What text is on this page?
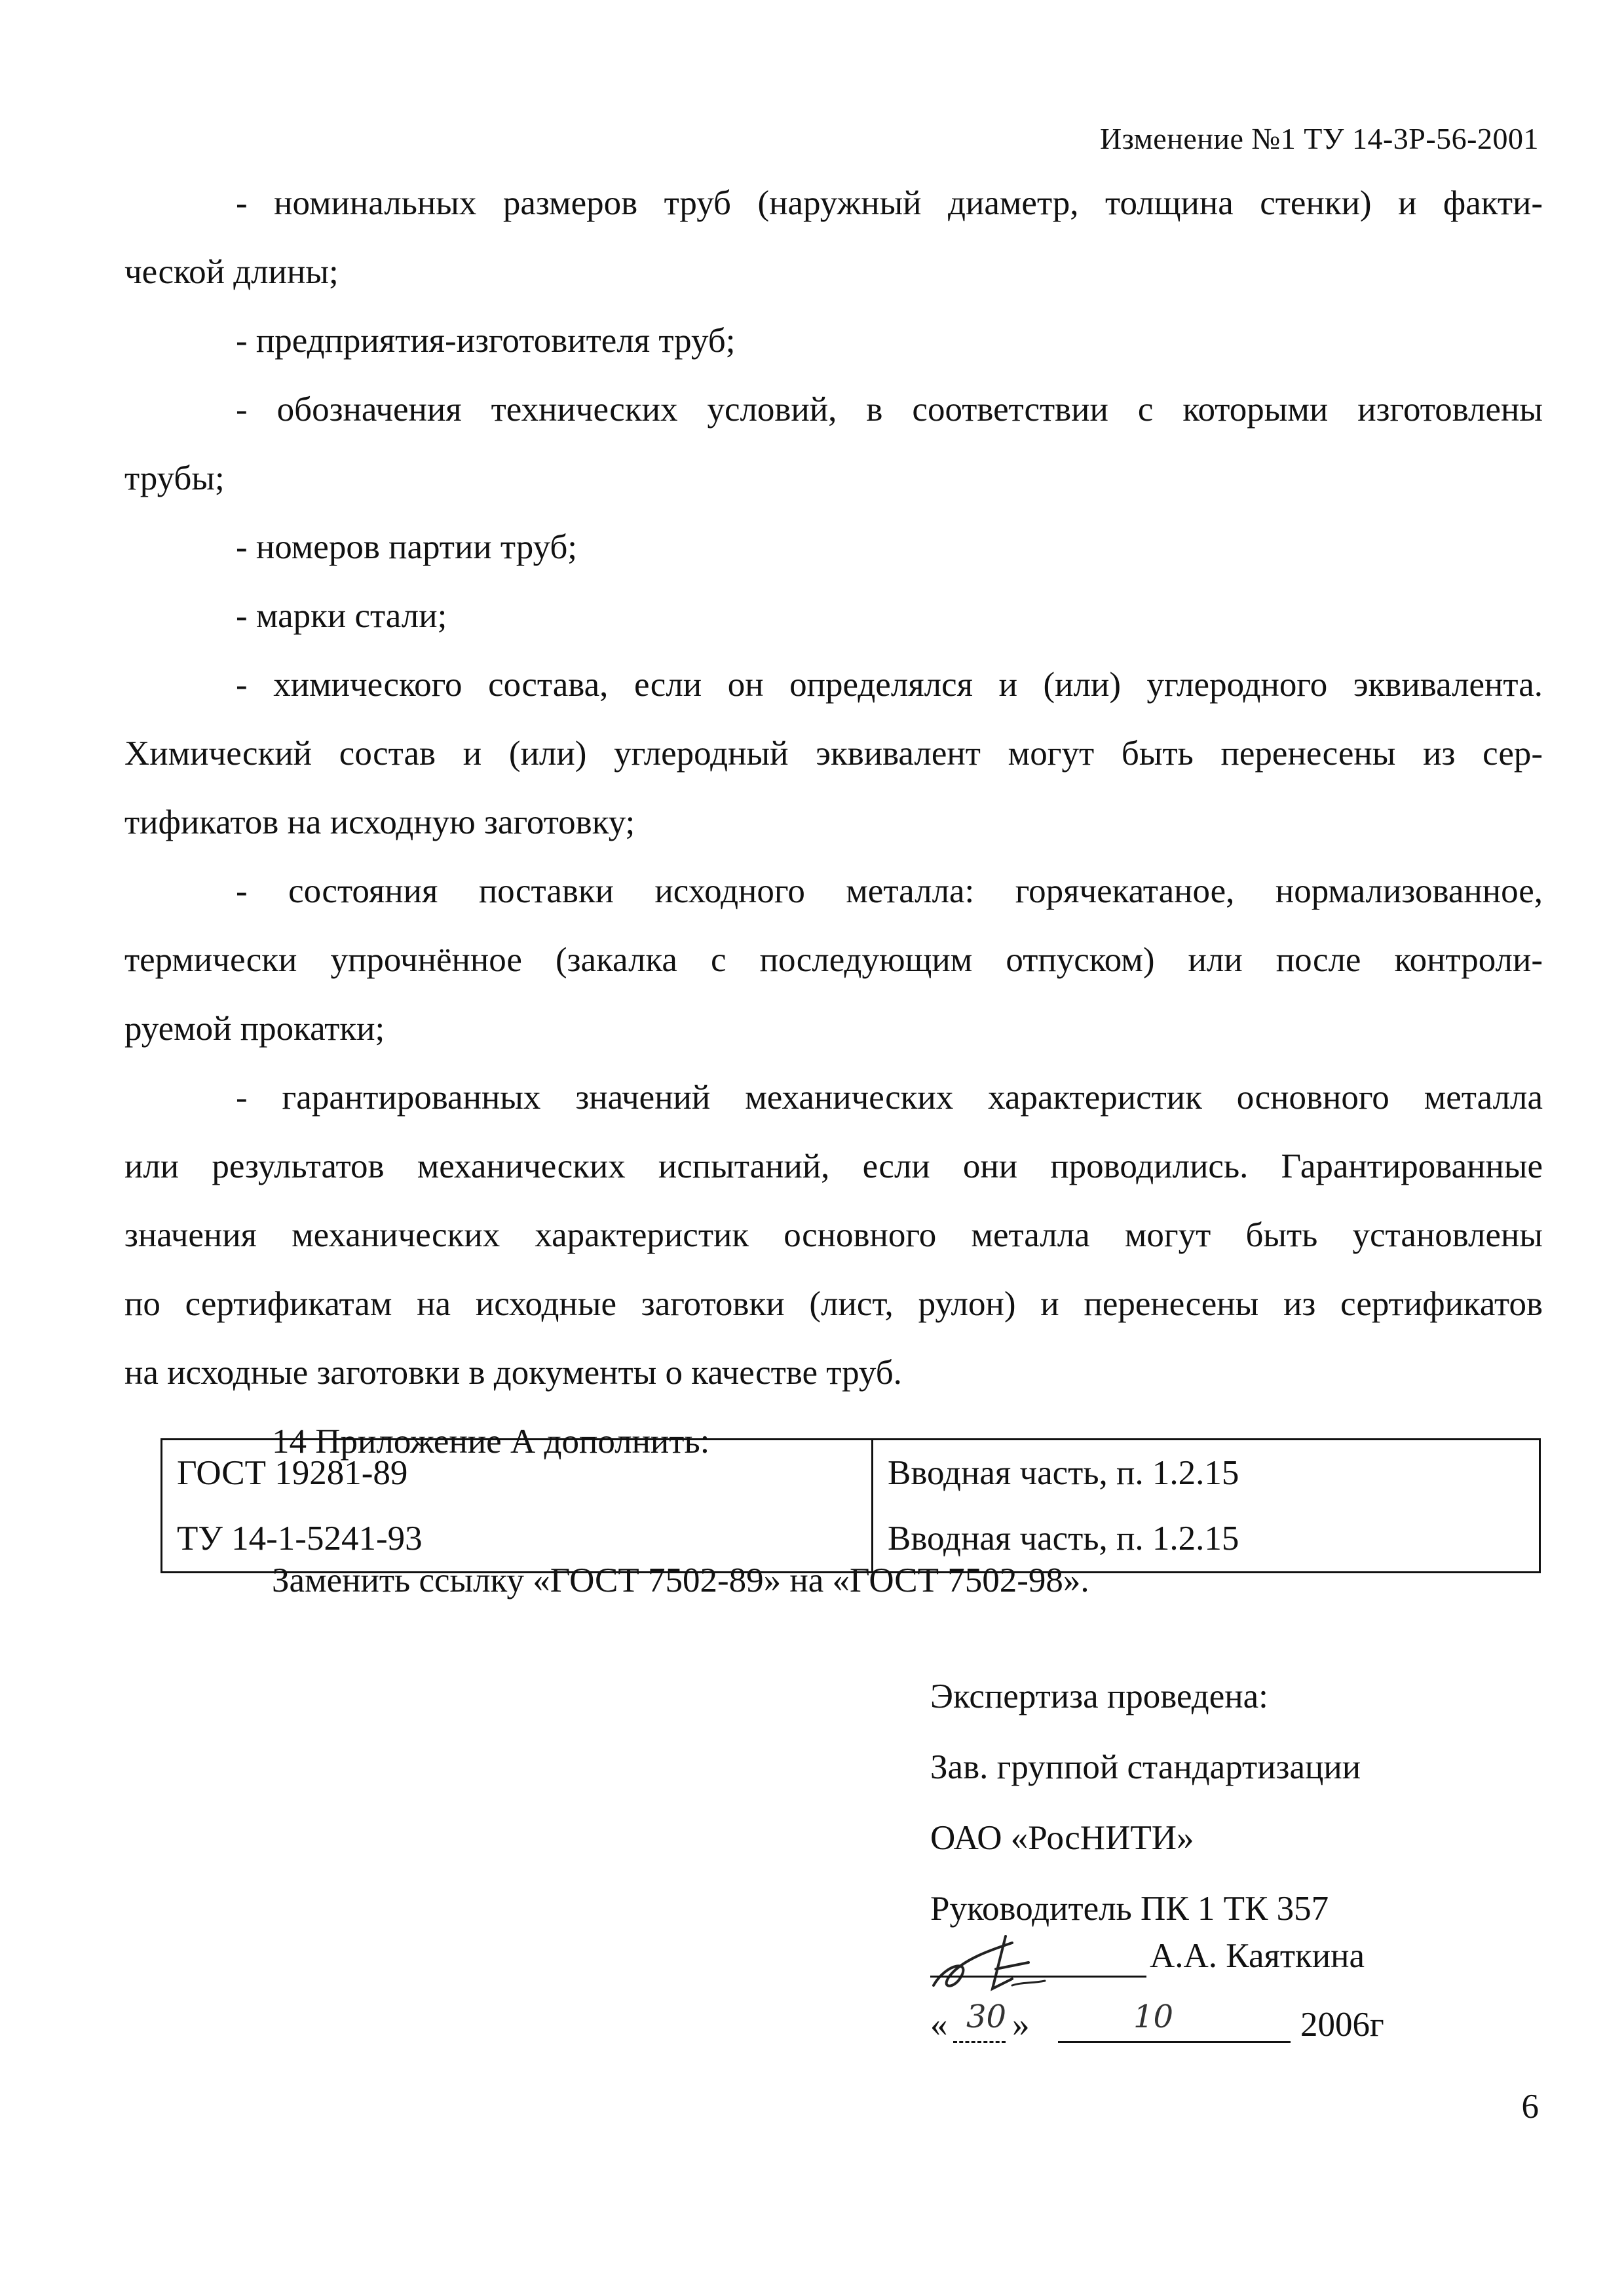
Изменение №1 ТУ 14-3Р-56-2001
- номинальных размеров труб (наружный диаметр, толщина стенки) и факти-
ческой длины;
- предприятия-изготовителя труб;
- обозначения технических условий, в соответствии с которыми изготовлены
трубы;
- номеров партии труб;
- марки стали;
- химического состава, если он определялся и (или) углеродного эквивалента.
Химический состав и (или) углеродный эквивалент могут быть перенесены из сер-
тификатов на исходную заготовку;
- состояния поставки исходного металла: горячекатаное, нормализованное,
термически упрочнённое (закалка с последующим отпуском) или после контроли-
руемой прокатки;
- гарантированных значений механических характеристик основного металла
или результатов механических испытаний, если они проводились. Гарантированные
значения механических характеристик основного металла могут быть установлены
по сертификатам на исходные заготовки (лист, рулон) и перенесены из сертификатов
на исходные заготовки в документы о качестве труб.
14 Приложение А дополнить:
ГОСТ 19281-89	Вводная часть, п. 1.2.15
ТУ 14-1-5241-93	Вводная часть, п. 1.2.15
Заменить ссылку «ГОСТ 7502-89» на «ГОСТ 7502-98».
Экспертиза проведена:
Зав. группой стандартизации
ОАО «РосНИТИ»
Руководитель ПК 1 ТК 357
А.А. Каяткина
« 30 »	10	2006г
6
